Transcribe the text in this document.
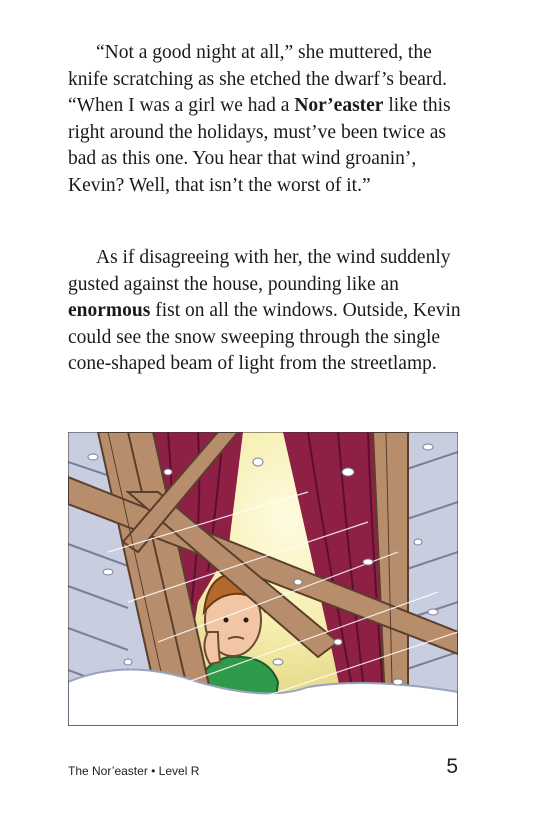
“Not a good night at all,” she muttered, the knife scratching as she etched the dwarf’s beard. “When I was a girl we had a Nor’easter like this right around the holidays, must’ve been twice as bad as this one. You hear that wind groanin’, Kevin? Well, that isn’t the worst of it.”

As if disagreeing with her, the wind suddenly gusted against the house, pounding like an enormous fist on all the windows. Outside, Kevin could see the snow sweeping through the single cone-shaped beam of light from the streetlamp.

The Nor’easter • Level R	5
